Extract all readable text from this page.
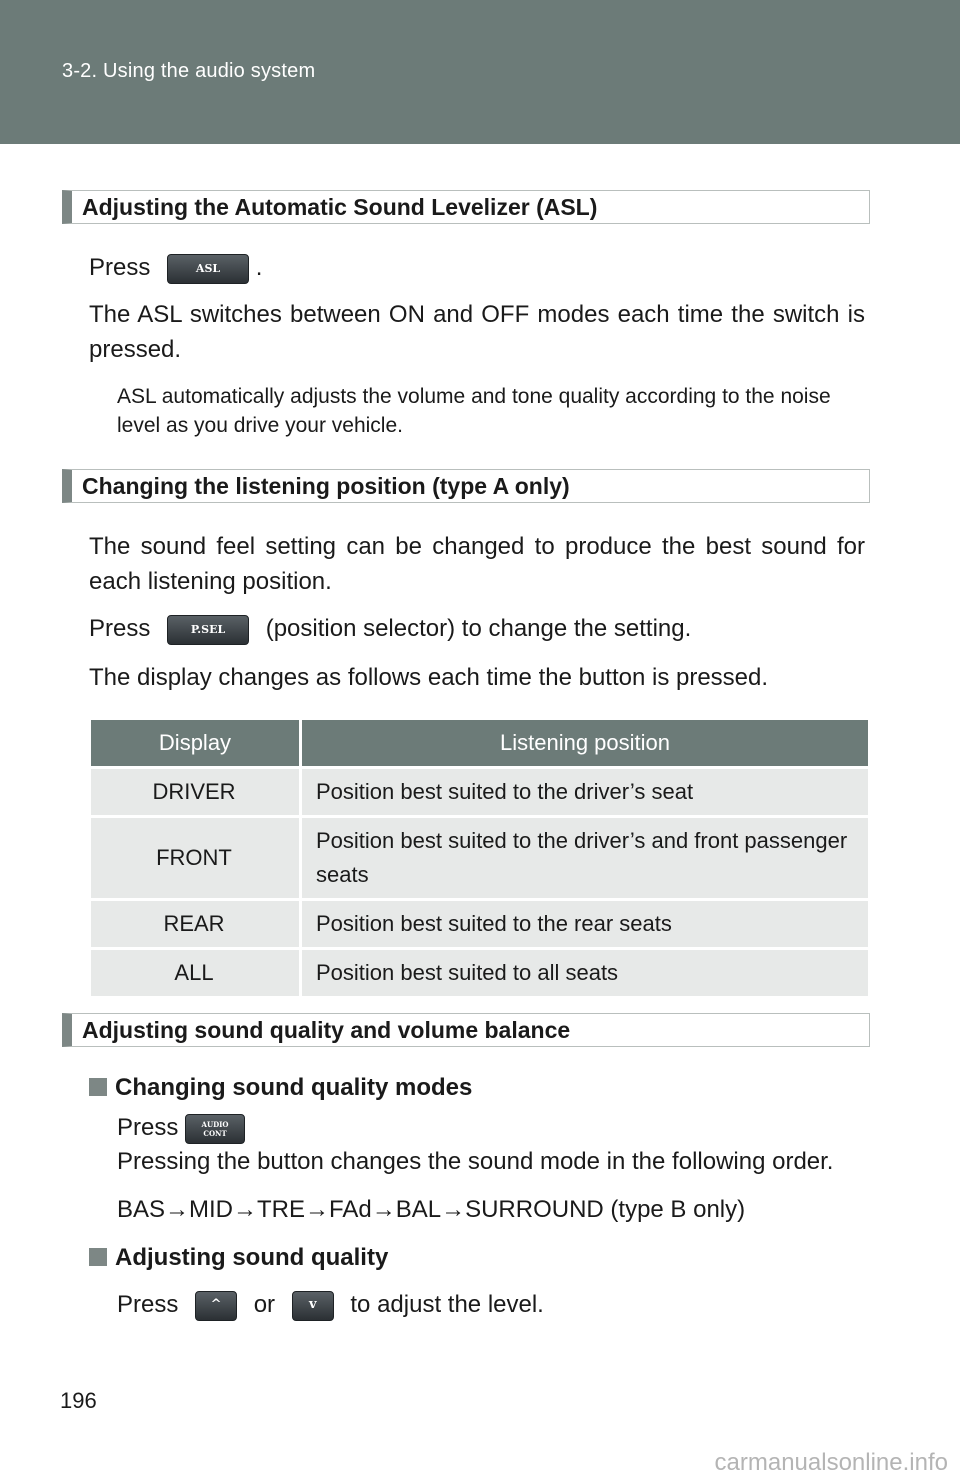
3-2. Using the audio system
Adjusting the Automatic Sound Levelizer (ASL)
Press	ASL .
The ASL switches between ON and OFF modes each time the switch is pressed.
ASL automatically adjusts the volume and tone quality according to the noise level as you drive your vehicle.
Changing the listening position (type A only)
The sound feel setting can be changed to produce the best sound for each listening position.
Press	P.SEL (position selector) to change the setting.
The display changes as follows each time the button is pressed.
Display	Listening position
DRIVER	Position best suited to the driver’s seat
FRONT	Position best suited to the driver’s and front passenger seats
REAR	Position best suited to the rear seats
ALL	Position best suited to all seats
Adjusting sound quality and volume balance
Changing sound quality modes
Press	AUDIO
CONT
Pressing the button changes the sound mode in the following order.
BAS→MID→TRE→FAd→BAL→SURROUND (type B only)
Adjusting sound quality
Press ^ or	v to adjust the level.
196
carmanualsonline.info
